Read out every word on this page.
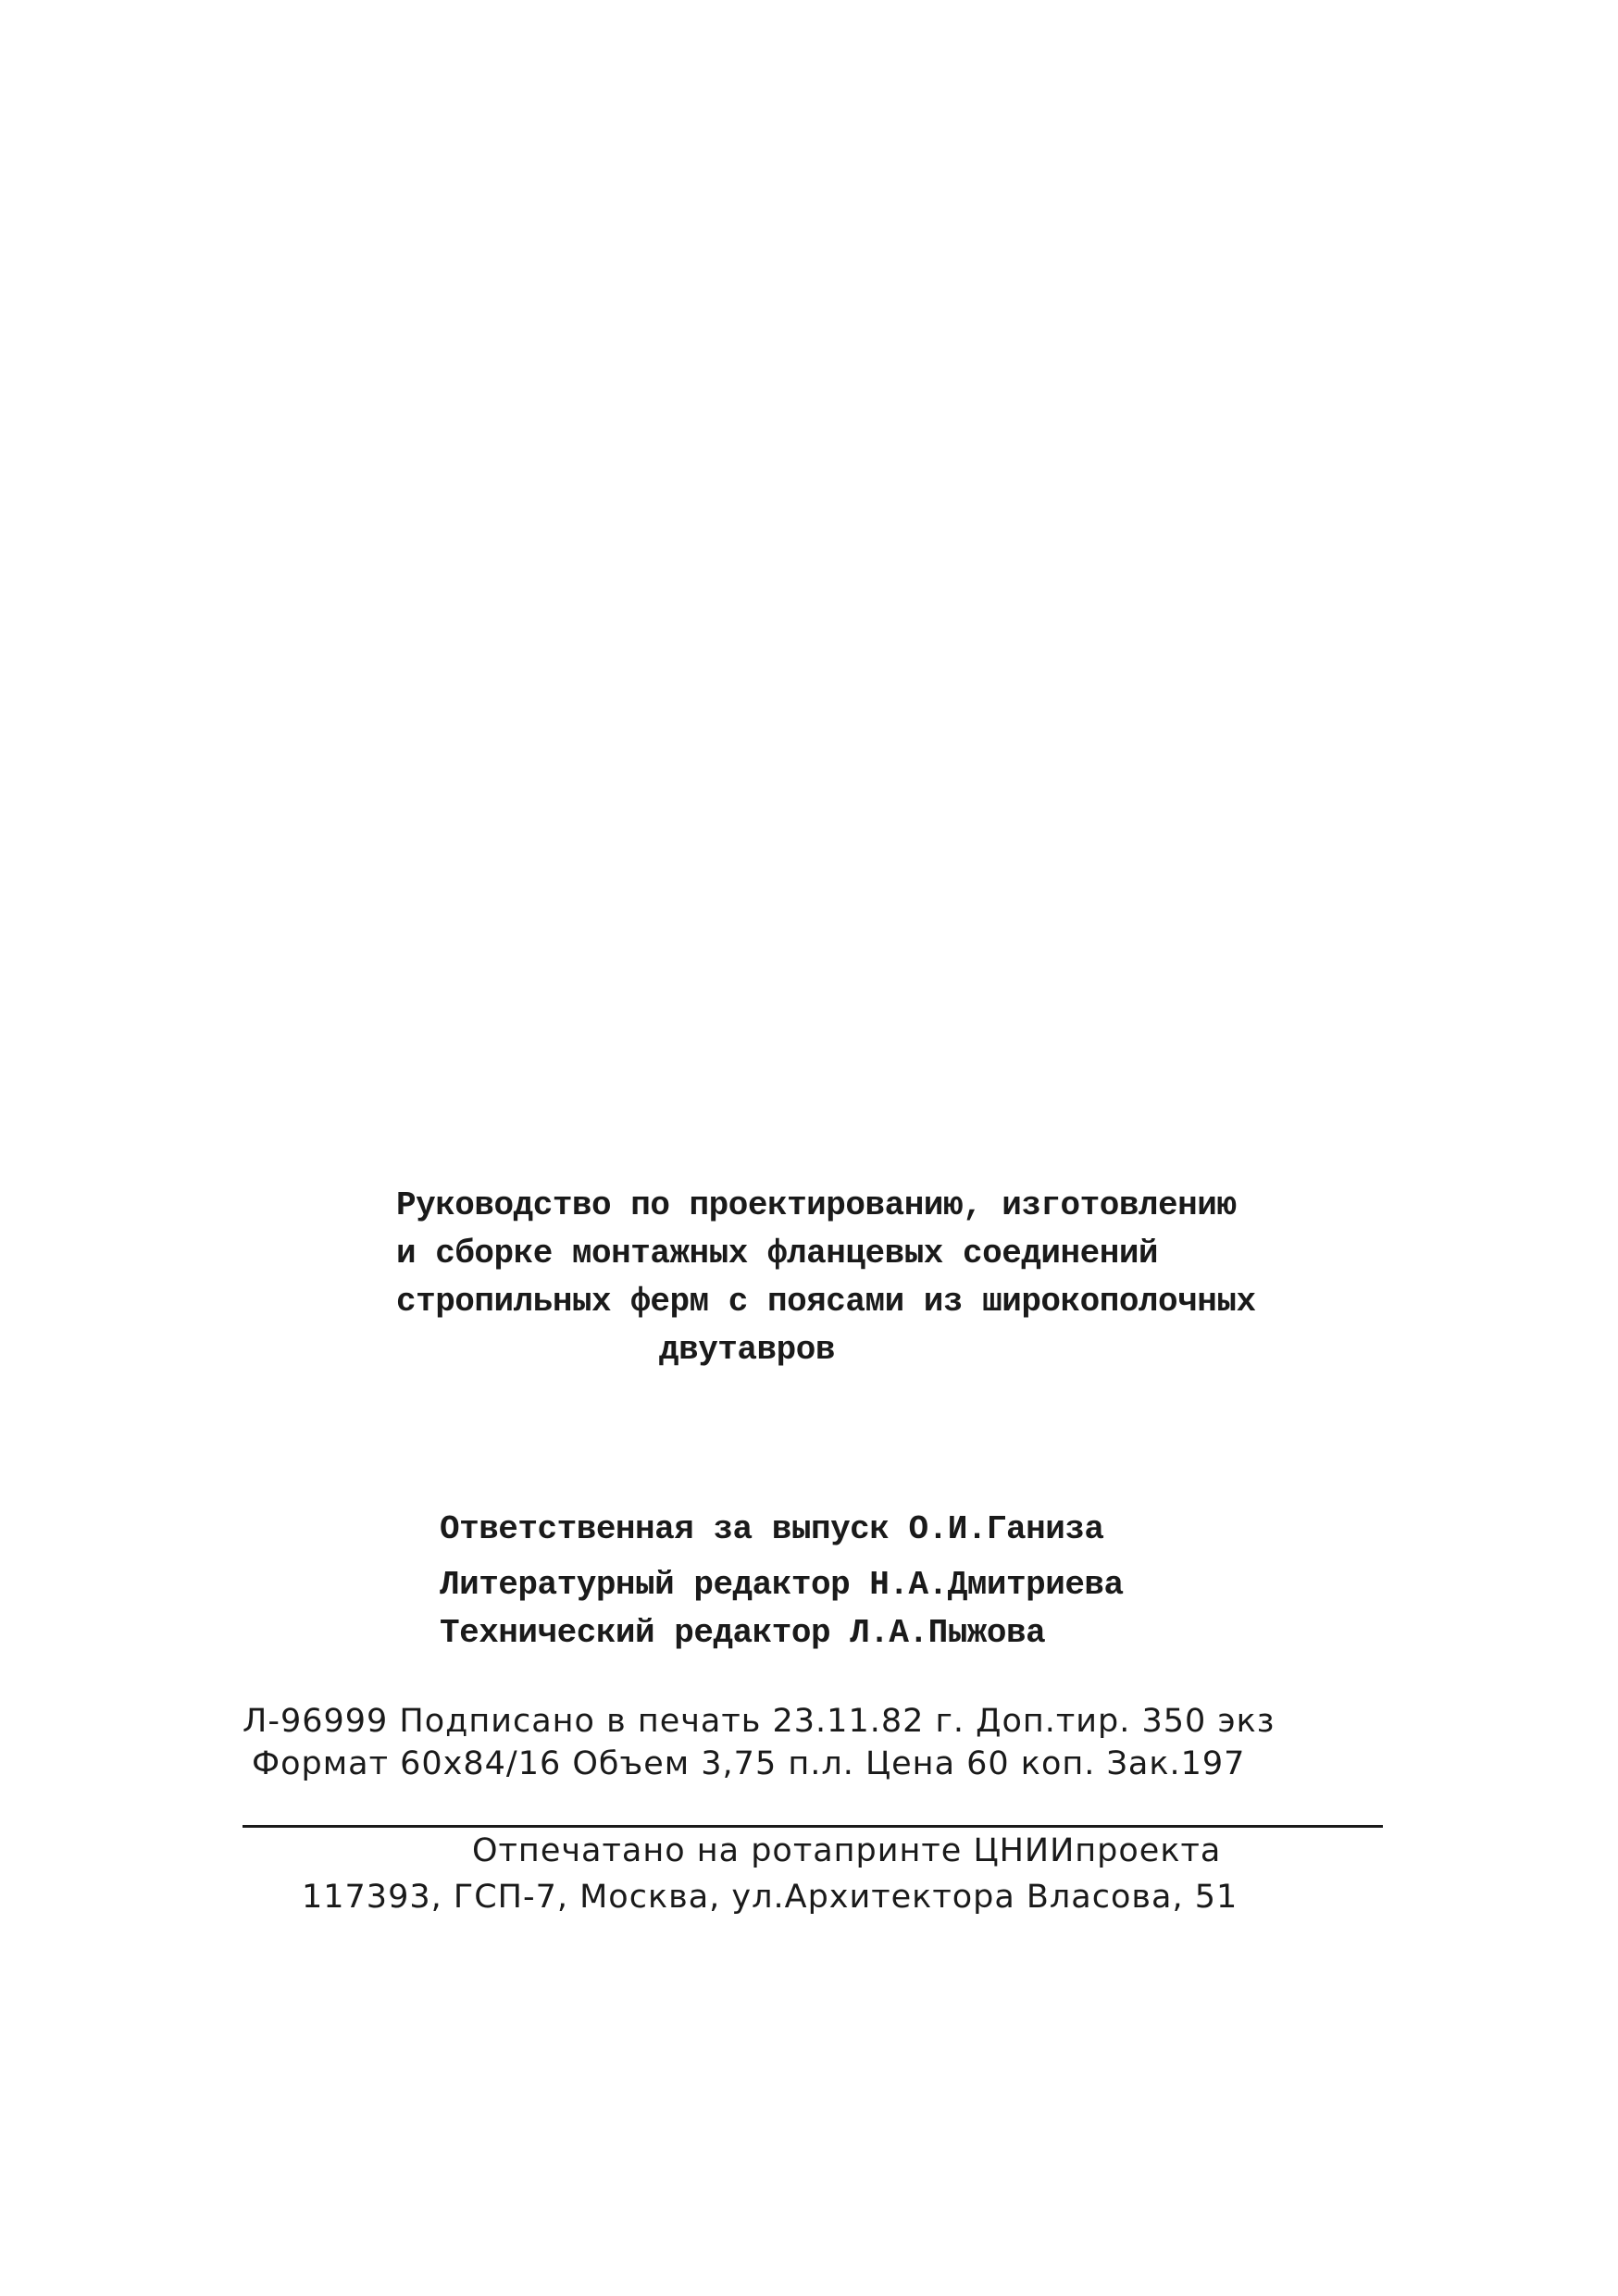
Руководство по проектированию, изготовлению
и сборке монтажных фланцевых соединений
стропильных ферм с поясами из широкополочных
двутавров
Ответственная за выпуск О.И.Ганиза
Литературный редактор Н.А.Дмитриева
Технический редактор Л.А.Пыжова
Л-96999 Подписано в печать 23.11.82 г. Доп.тир. 350 экз
Формат 60х84/16 Объем 3,75 п.л. Цена 60 коп. Зак.197
Отпечатано на ротапринте ЦНИИпроекта
117393, ГСП-7, Москва, ул.Архитектора Власова, 51
